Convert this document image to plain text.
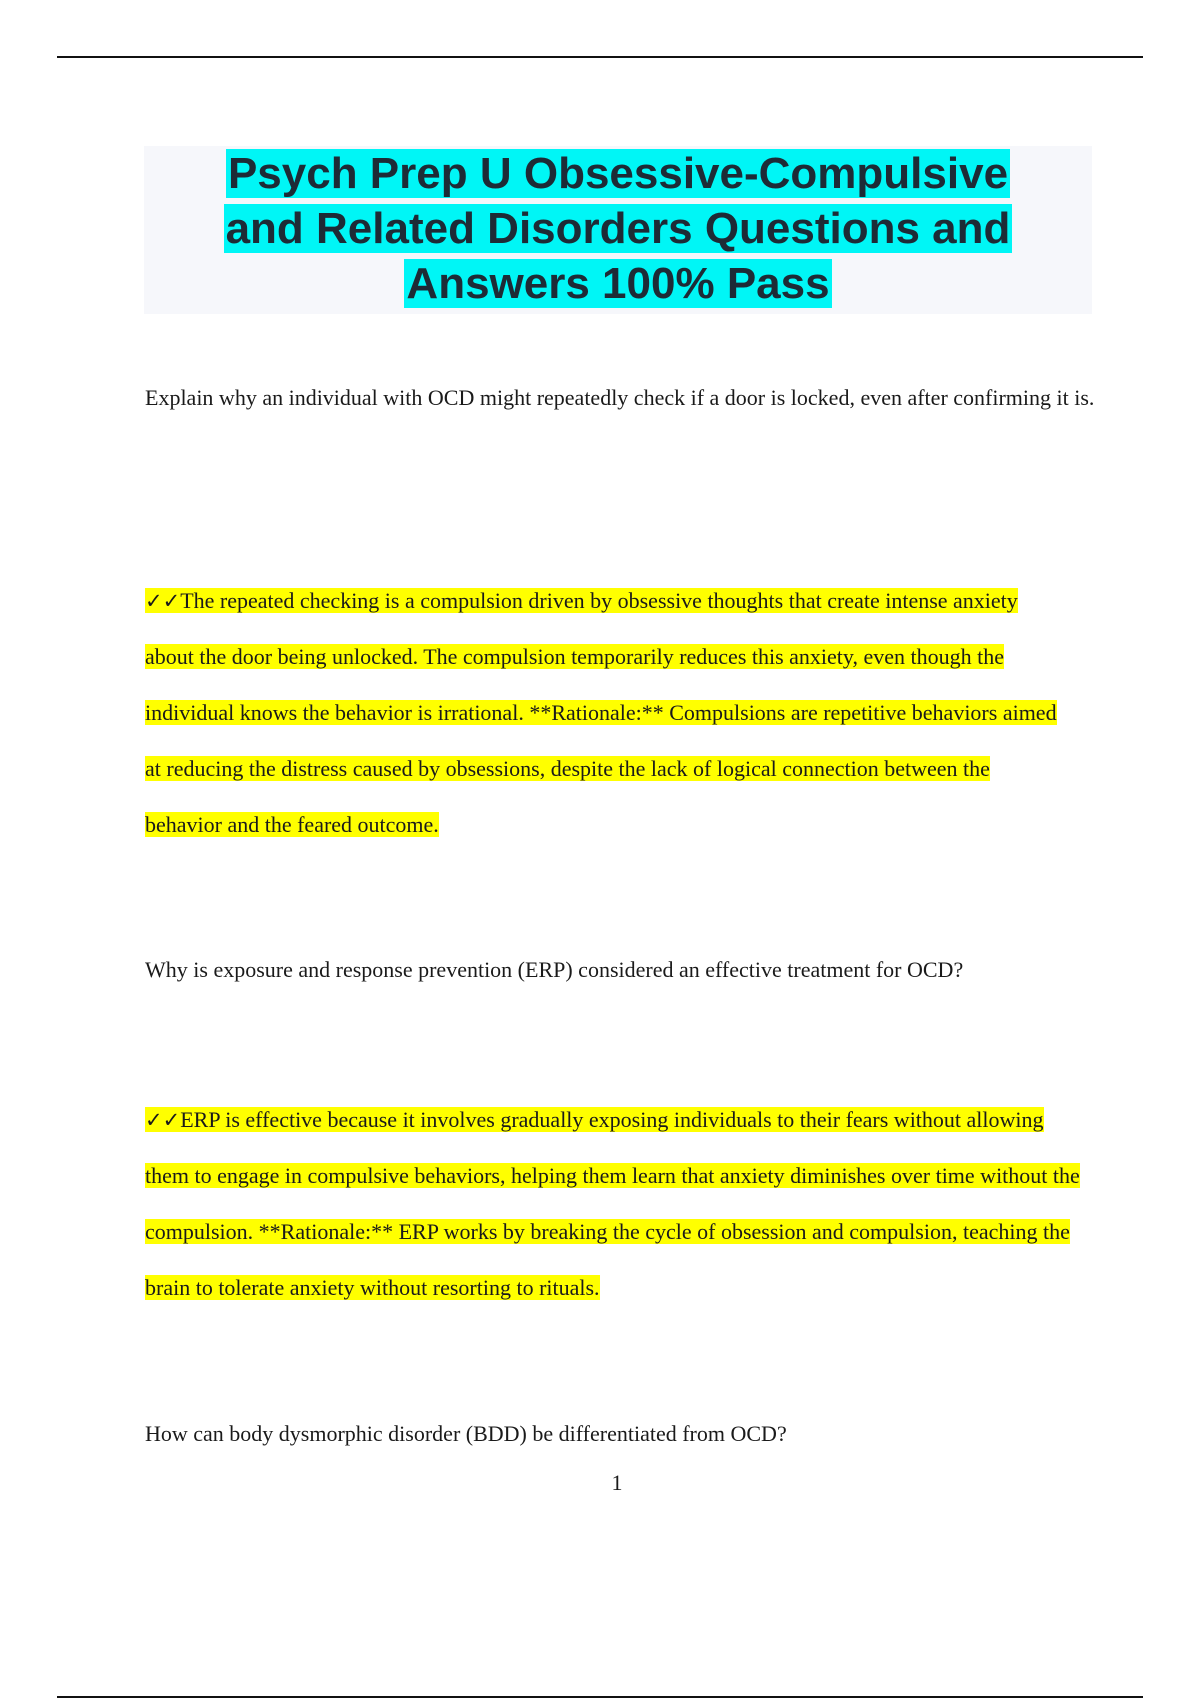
Psych Prep U Obsessive-Compulsive
and Related Disorders Questions and
Answers 100% Pass

Explain why an individual with OCD might repeatedly check if a door is locked, even after confirming it is.

✓✓The repeated checking is a compulsion driven by obsessive thoughts that create intense anxiety about the door being unlocked. The compulsion temporarily reduces this anxiety, even though the individual knows the behavior is irrational. **Rationale:** Compulsions are repetitive behaviors aimed at reducing the distress caused by obsessions, despite the lack of logical connection between the behavior and the feared outcome.

Why is exposure and response prevention (ERP) considered an effective treatment for OCD?

✓✓ERP is effective because it involves gradually exposing individuals to their fears without allowing them to engage in compulsive behaviors, helping them learn that anxiety diminishes over time without the compulsion. **Rationale:** ERP works by breaking the cycle of obsession and compulsion, teaching the brain to tolerate anxiety without resorting to rituals.

How can body dysmorphic disorder (BDD) be differentiated from OCD?

1
